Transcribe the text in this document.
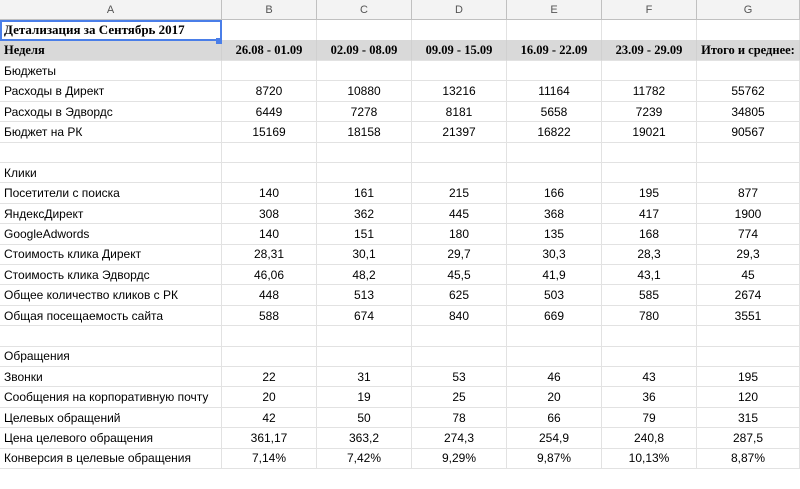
A	B	C	D	E	F	G
Детализация за Сентябрь 2017
Неделя	26.08 - 01.09	02.09 - 08.09	09.09 - 15.09	16.09 - 22.09	23.09 - 29.09	Итого и среднее:
Бюджеты
Расходы в Директ	8720	10880	13216	11164	11782	55762
Расходы в Эдвордс	6449	7278	8181	5658	7239	34805
Бюджет на РК	15169	18158	21397	16822	19021	90567
Клики
Посетители с поиска	140	161	215	166	195	877
ЯндексДирект	308	362	445	368	417	1900
GoogleAdwords	140	151	180	135	168	774
Стоимость клика Директ	28,31	30,1	29,7	30,3	28,3	29,3
Стоимость клика Эдвордс	46,06	48,2	45,5	41,9	43,1	45
Общее количество кликов с РК	448	513	625	503	585	2674
Общая посещаемость сайта	588	674	840	669	780	3551
Обращения
Звонки	22	31	53	46	43	195
Сообщения на корпоративную почту	20	19	25	20	36	120
Целевых обращений	42	50	78	66	79	315
Цена целевого обращения	361,17	363,2	274,3	254,9	240,8	287,5
Конверсия в целевые обращения	7,14%	7,42%	9,29%	9,87%	10,13%	8,87%
